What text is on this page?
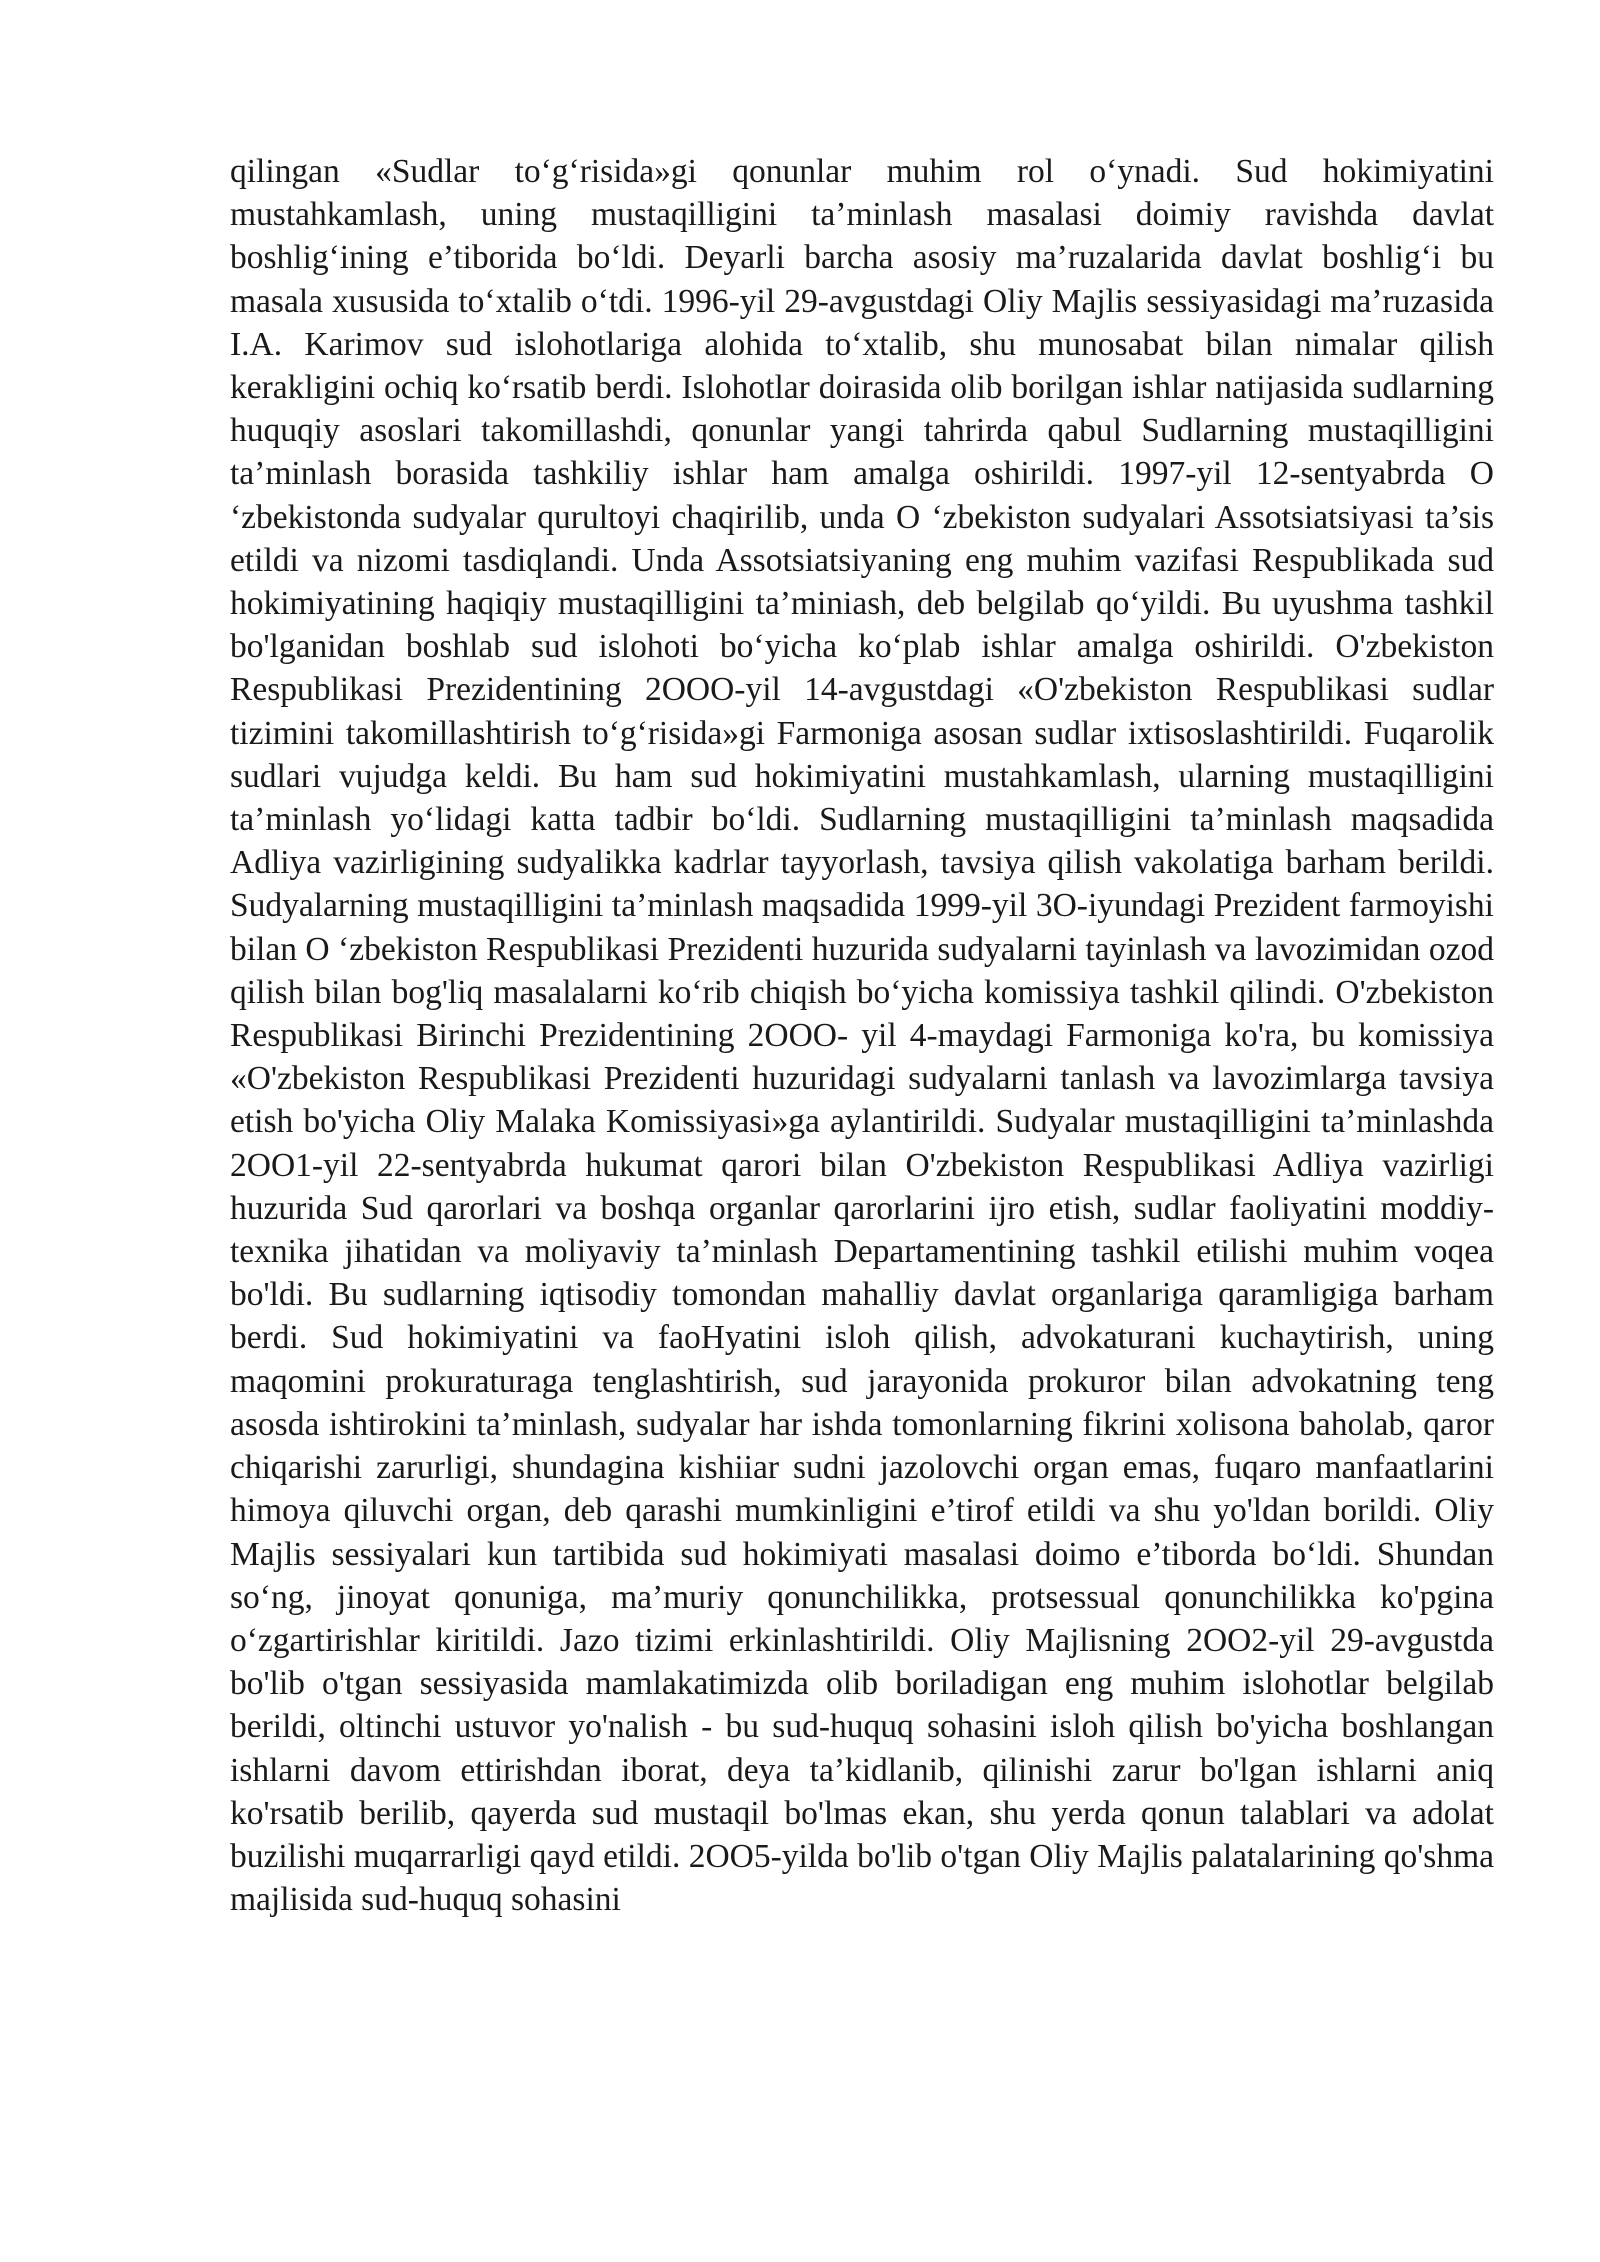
qilingan «Sudlar to‘g‘risida»gi qonunlar muhim rol o‘ynadi. Sud hokimiyatini mustahkamlash, uning mustaqilligini ta’minlash masalasi doimiy ravishda davlat boshlig‘ining e’tiborida bo‘ldi. Deyarli barcha asosiy ma’ruzalarida davlat boshlig‘i bu masala xususida to‘xtalib o‘tdi. 1996-yil 29-avgustdagi Oliy Majlis sessiyasidagi ma’ruzasida I.A. Karimov sud islohotlariga alohida to‘xtalib, shu munosabat bilan nimalar qilish kerakligini ochiq ko‘rsatib berdi. Islohotlar doirasida olib borilgan ishlar natijasida sudlarning huquqiy asoslari takomillashdi, qonunlar yangi tahrirda qabul Sudlarning mustaqilligini ta’minlash borasida tashkiliy ishlar ham amalga oshirildi. 1997-yil 12-sentyabrda O ‘zbekistonda sudyalar qurultoyi chaqirilib, unda O ‘zbekiston sudyalari Assotsiatsiyasi ta’sis etildi va nizomi tasdiqlandi. Unda Assotsiatsiyaning eng muhim vazifasi Respublikada sud hokimiyatining haqiqiy mustaqilligini ta’miniash, deb belgilab qo‘yildi. Bu uyushma tashkil bo'lganidan boshlab sud islohoti bo‘yicha ko‘plab ishlar amalga oshirildi. O'zbekiston Respublikasi Prezidentining 2OOO-yil 14-avgustdagi «O'zbekiston Respublikasi sudlar tizimini takomillashtirish to‘g‘risida»gi Farmoniga asosan sudlar ixtisoslashtirildi. Fuqarolik sudlari vujudga keldi. Bu ham sud hokimiyatini mustahkamlash, ularning mustaqilligini ta’minlash yo‘lidagi katta tadbir bo‘ldi. Sudlarning mustaqilligini ta’minlash maqsadida Adliya vazirligining sudyalikka kadrlar tayyorlash, tavsiya qilish vakolatiga barham berildi. Sudyalarning mustaqilligini ta’minlash maqsadida 1999-yil 3O-iyundagi Prezident farmoyishi bilan O ‘zbekiston Respublikasi Prezidenti huzurida sudyalarni tayinlash va lavozimidan ozod qilish bilan bog'liq masalalarni ko‘rib chiqish bo‘yicha komissiya tashkil qilindi. O'zbekiston Respublikasi Birinchi Prezidentining 2OOO- yil 4-maydagi Farmoniga ko'ra, bu komissiya «O'zbekiston Respublikasi Prezidenti huzuridagi sudyalarni tanlash va lavozimlarga tavsiya etish bo'yicha Oliy Malaka Komissiyasi»ga aylantirildi. Sudyalar mustaqilligini ta’minlashda 2OO1-yil 22-sentyabrda hukumat qarori bilan O'zbekiston Respublikasi Adliya vazirligi huzurida Sud qarorlari va boshqa organlar qarorlarini ijro etish, sudlar faoliyatini moddiy-texnika jihatidan va moliyaviy ta’minlash Departamentining tashkil etilishi muhim voqea bo'ldi. Bu sudlarning iqtisodiy tomondan mahalliy davlat organlariga qaramligiga barham berdi. Sud hokimiyatini va faoHyatini isloh qilish, advokaturani kuchaytirish, uning maqomini prokuraturaga tenglashtirish, sud jarayonida prokuror bilan advokatning teng asosda ishtirokini ta’minlash, sudyalar har ishda tomonlarning fikrini xolisona baholab, qaror chiqarishi zarurligi, shundagina kishiiar sudni jazolovchi organ emas, fuqaro manfaatlarini himoya qiluvchi organ, deb qarashi mumkinligini e’tirof etildi va shu yo'ldan borildi. Oliy Majlis sessiyalari kun tartibida sud hokimiyati masalasi doimo e’tiborda bo‘ldi. Shundan so‘ng, jinoyat qonuniga, ma’muriy qonunchilikka, protsessual qonunchilikka ko'pgina o‘zgartirishlar kiritildi. Jazo tizimi erkinlashtirildi. Oliy Majlisning 2OO2-yil 29-avgustda bo'lib o'tgan sessiyasida mamlakatimizda olib boriladigan eng muhim islohotlar belgilab berildi, oltinchi ustuvor yo'nalish - bu sud-huquq sohasini isloh qilish bo'yicha boshlangan ishlarni davom ettirishdan iborat, deya ta’kidlanib, qilinishi zarur bo'lgan ishlarni aniq ko'rsatib berilib, qayerda sud mustaqil bo'lmas ekan, shu yerda qonun talablari va adolat buzilishi muqarrarligi qayd etildi. 2OO5-yilda bo'lib o'tgan Oliy Majlis palatalarining qo'shma majlisida sud-huquq sohasini
